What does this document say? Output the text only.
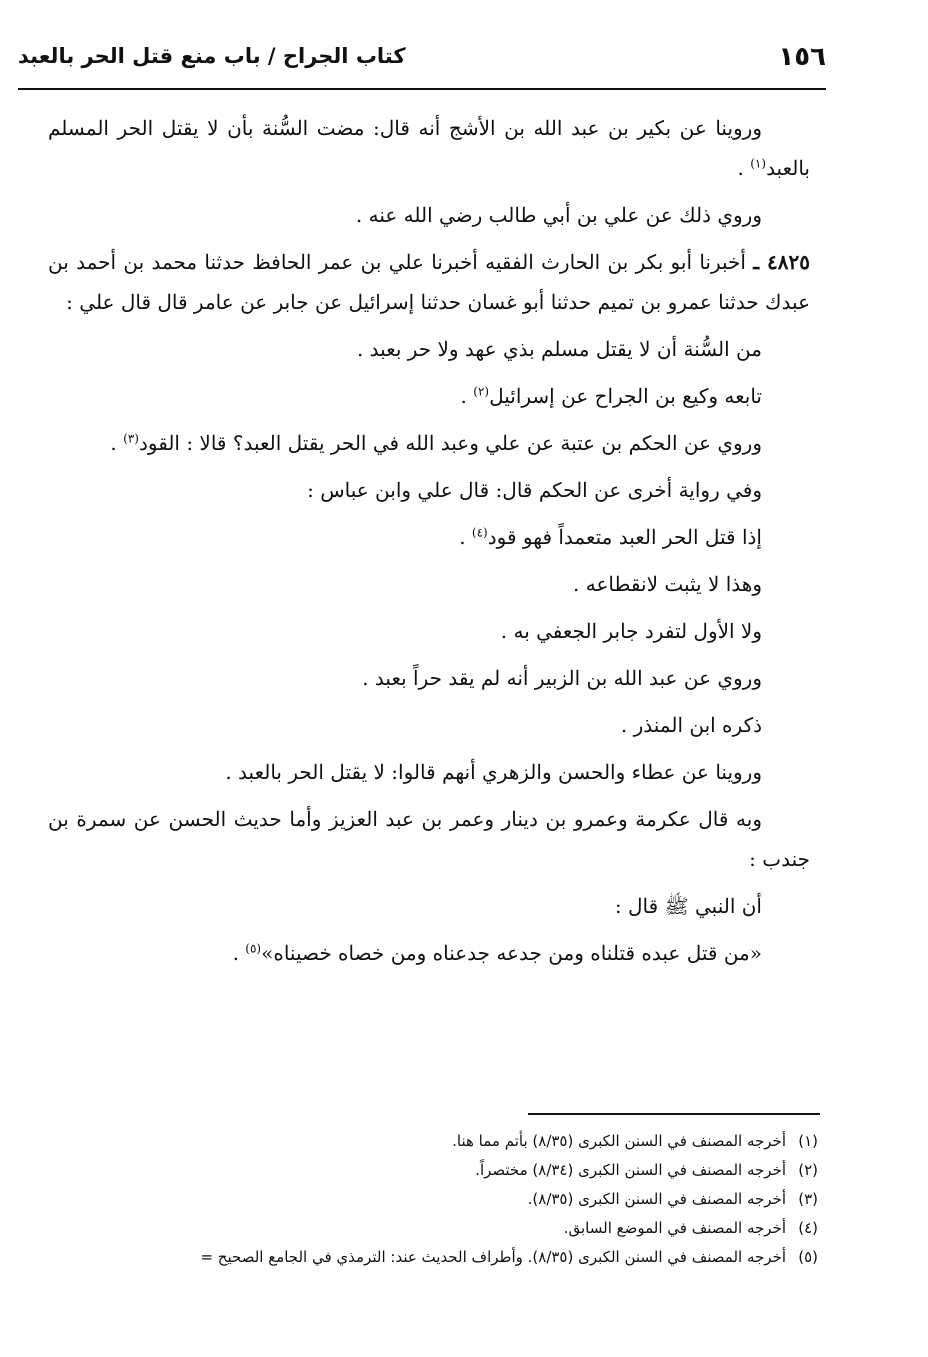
١٥٦
كتاب الجراح / باب منع قتل الحر بالعبد

وروينا عن بكير بن عبد الله بن الأشج أنه قال: مضت السُّنة بأن لا يقتل الحر المسلم بالعبد$^{(١)}$ .

وروي ذلك عن علي بن أبي طالب رضي الله عنه .

٤٨٢٥ ـ أخبرنا أبو بكر بن الحارث الفقيه أخبرنا علي بن عمر الحافظ حدثنا محمد بن أحمد بن عبدك حدثنا عمرو بن تميم حدثنا أبو غسان حدثنا إسرائيل عن جابر عن عامر قال قال علي :

من السُّنة أن لا يقتل مسلم بذي عهد ولا حر بعبد .

تابعه وكيع بن الجراح عن إسرائيل$^{(٢)}$ .

وروي عن الحكم بن عتبة عن علي وعبد الله في الحر يقتل العبد؟ قالا : القود$^{(٣)}$ .

وفي رواية أخرى عن الحكم قال: قال علي وابن عباس :

إذا قتل الحر العبد متعمداً فهو قود$^{(٤)}$ .

وهذا لا يثبت لانقطاعه .

ولا الأول لتفرد جابر الجعفي به .

وروي عن عبد الله بن الزبير أنه لم يقد حراً بعبد .

ذكره ابن المنذر .

وروينا عن عطاء والحسن والزهري أنهم قالوا: لا يقتل الحر بالعبد .

وبه قال عكرمة وعمرو بن دينار وعمر بن عبد العزيز وأما حديث الحسن عن سمرة بن جندب :

أن النبي ﷺ قال :

«من قتل عبده قتلناه ومن جدعه جدعناه ومن خصاه خصيناه»$^{(٥)}$ .

(١)أخرجه المصنف في السنن الكبرى (٨/٣٥) بأتم مما هنا.
(٢)أخرجه المصنف في السنن الكبرى (٨/٣٤) مختصراً.
(٣)أخرجه المصنف في السنن الكبرى (٨/٣٥).
(٤)أخرجه المصنف في الموضع السابق.
(٥)أخرجه المصنف في السنن الكبرى (٨/٣٥). وأطراف الحديث عند: الترمذي في الجامع الصحيح =
